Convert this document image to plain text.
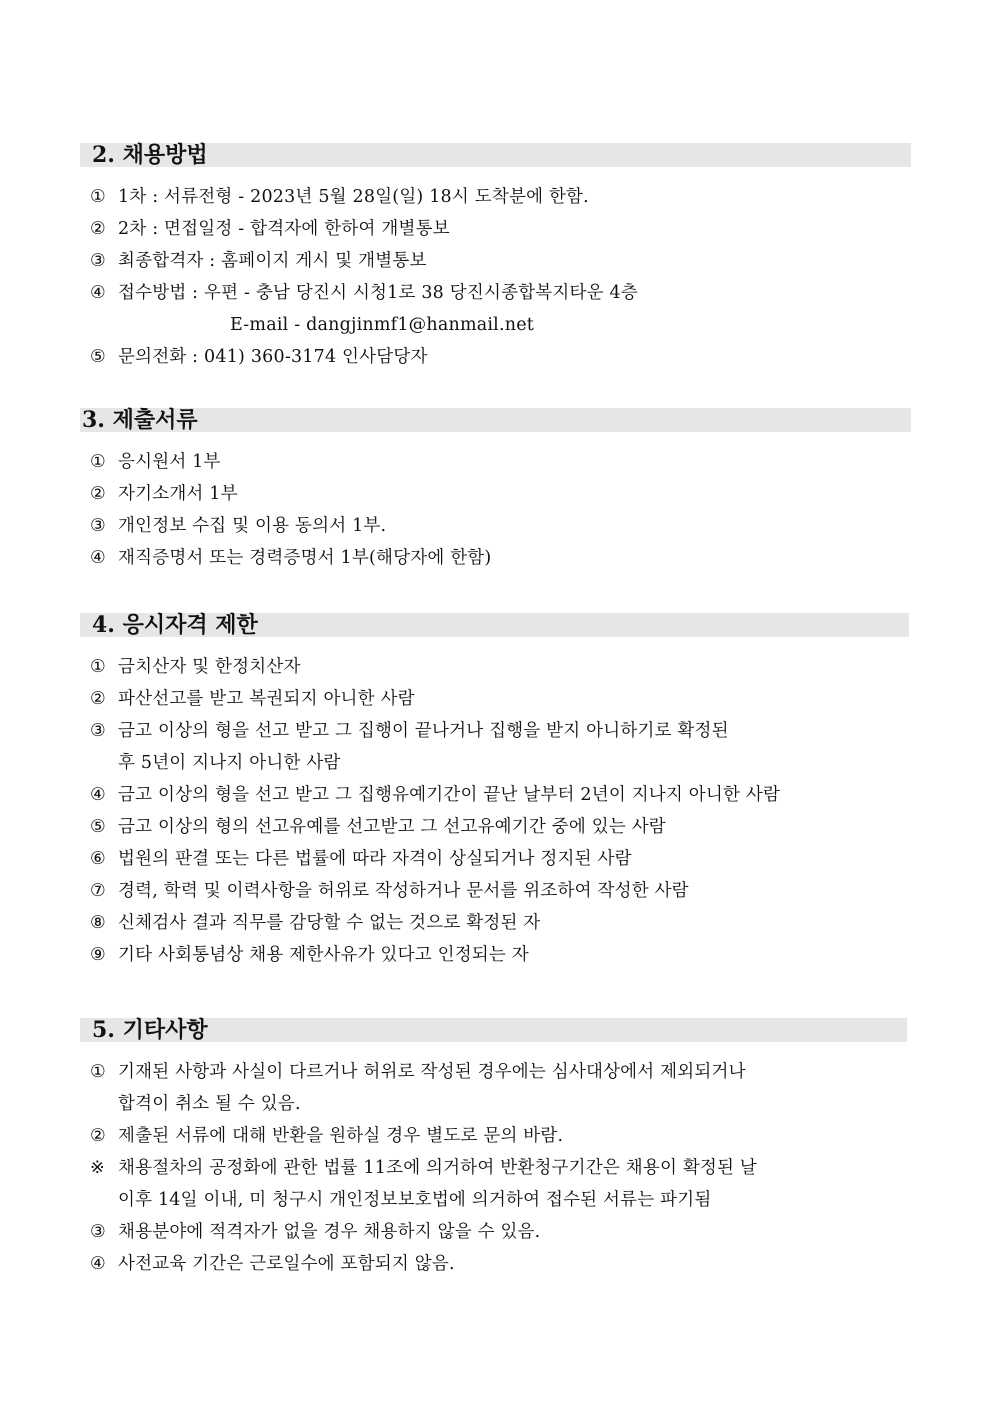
2. 채용방법
① 1차 : 서류전형 - 2023년 5월 28일(일) 18시 도착분에 한함.
② 2차 : 면접일정 - 합격자에 한하여 개별통보
③ 최종합격자 : 홈페이지 게시 및 개별통보
④ 접수방법 : 우편 - 충남 당진시 시청1로 38 당진시종합복지타운 4층
E-mail - dangjinmf1@hanmail.net
⑤ 문의전화 : 041) 360-3174 인사담당자
3. 제출서류
① 응시원서 1부
② 자기소개서 1부
③ 개인정보 수집 및 이용 동의서 1부.
④ 재직증명서 또는 경력증명서 1부(해당자에 한함)
4. 응시자격 제한
① 금치산자 및 한정치산자
② 파산선고를 받고 복권되지 아니한 사람
③ 금고 이상의 형을 선고 받고 그 집행이 끝나거나 집행을 받지 아니하기로 확정된
후 5년이 지나지 아니한 사람
④ 금고 이상의 형을 선고 받고 그 집행유예기간이 끝난 날부터 2년이 지나지 아니한 사람
⑤ 금고 이상의 형의 선고유예를 선고받고 그 선고유예기간 중에 있는 사람
⑥ 법원의 판결 또는 다른 법률에 따라 자격이 상실되거나 정지된 사람
⑦ 경력, 학력 및 이력사항을 허위로 작성하거나 문서를 위조하여 작성한 사람
⑧ 신체검사 결과 직무를 감당할 수 없는 것으로 확정된 자
⑨ 기타 사회통념상 채용 제한사유가 있다고 인정되는 자
5. 기타사항
① 기재된 사항과 사실이 다르거나 허위로 작성된 경우에는 심사대상에서 제외되거나
합격이 취소 될 수 있음.
② 제출된 서류에 대해 반환을 원하실 경우 별도로 문의 바람.
※ 채용절차의 공정화에 관한 법률 11조에 의거하여 반환청구기간은 채용이 확정된 날
이후 14일 이내, 미 청구시 개인정보보호법에 의거하여 접수된 서류는 파기됨
③ 채용분야에 적격자가 없을 경우 채용하지 않을 수 있음.
④ 사전교육 기간은 근로일수에 포함되지 않음.
